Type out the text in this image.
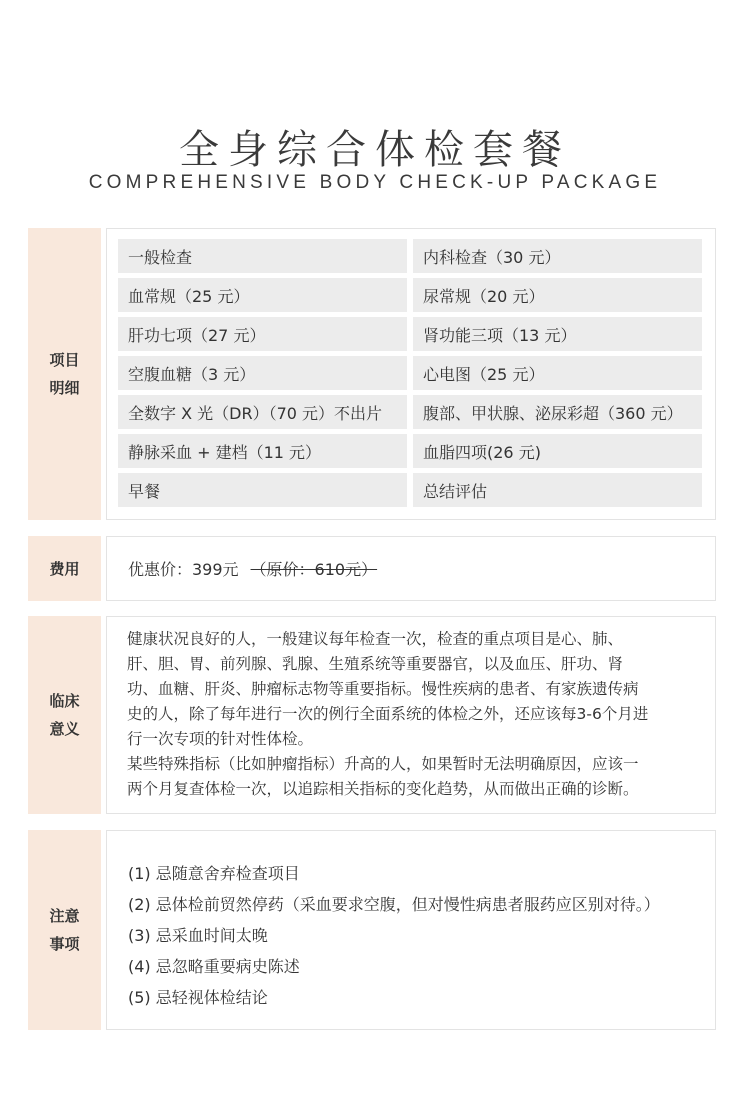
全身综合体检套餐
COMPREHENSIVE BODY CHECK-UP PACKAGE
项目
明细
一般检查	内科检查（30 元）
血常规（25 元）	尿常规（20 元）
肝功七项（27 元）	肾功能三项（13 元）
空腹血糖（3 元）	心电图（25 元）
全数字 X 光（DR）（70 元）不出片	腹部、甲状腺、泌尿彩超（360 元）
静脉采血 + 建档（11 元）	血脂四项(26 元)
早餐	总结评估
费用	优惠价：399元 （原价：610元）
临床
意义
健康状况良好的人，一般建议每年检查一次，检查的重点项目是心、肺、
肝、胆、胃、前列腺、乳腺、生殖系统等重要器官，以及血压、肝功、肾
功、血糖、肝炎、肿瘤标志物等重要指标。慢性疾病的患者、有家族遗传病
史的人，除了每年进行一次的例行全面系统的体检之外，还应该每3-6个月进
行一次专项的针对性体检。
某些特殊指标（比如肿瘤指标）升高的人，如果暂时无法明确原因，应该一
两个月复查体检一次，以追踪相关指标的变化趋势，从而做出正确的诊断。
注意
事项
(1) 忌随意舍弃检查项目
(2) 忌体检前贸然停药（采血要求空腹，但对慢性病患者服药应区别对待。）
(3) 忌采血时间太晚
(4) 忌忽略重要病史陈述
(5) 忌轻视体检结论
